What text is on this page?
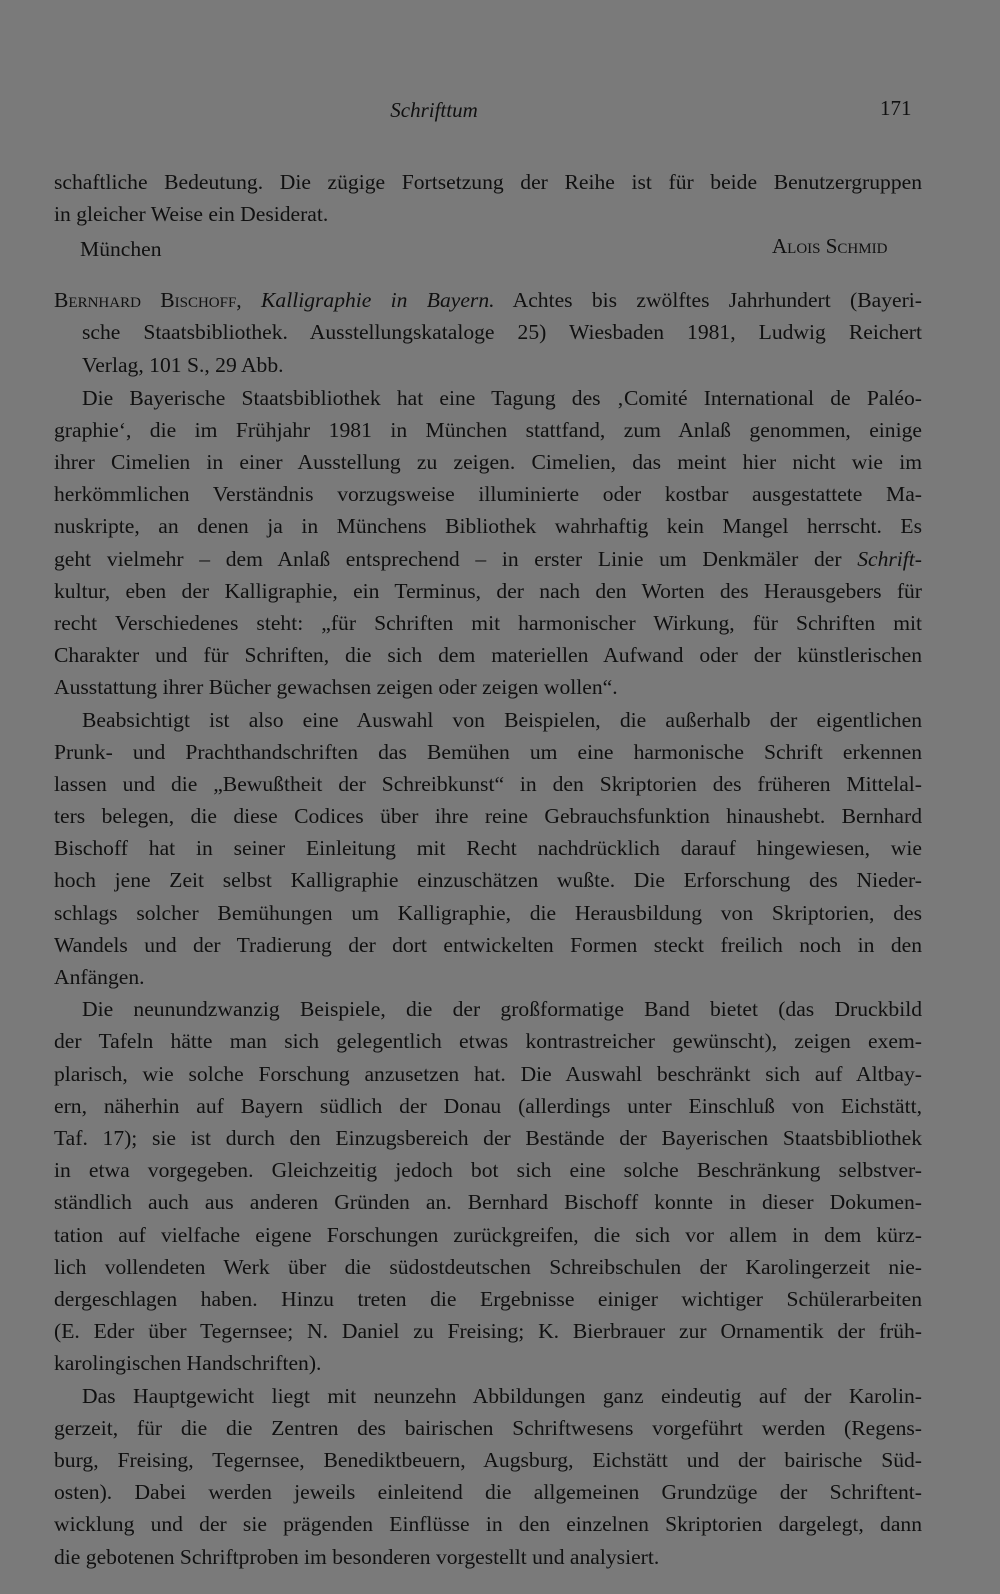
Schrifttum	171
schaftliche Bedeutung. Die zügige Fortsetzung der Reihe ist für beide Benutzergruppen
in gleicher Weise ein Desiderat.
München	Alois Schmid
Bernhard Bischoff, Kalligraphie in Bayern. Achtes bis zwölftes Jahrhundert (Bayeri-
sche Staatsbibliothek. Ausstellungskataloge 25) Wiesbaden 1981, Ludwig Reichert
Verlag, 101 S., 29 Abb.
Die Bayerische Staatsbibliothek hat eine Tagung des ‚Comité International de Paléo-
graphie‘, die im Frühjahr 1981 in München stattfand, zum Anlaß genommen, einige
ihrer Cimelien in einer Ausstellung zu zeigen. Cimelien, das meint hier nicht wie im
herkömmlichen Verständnis vorzugsweise illuminierte oder kostbar ausgestattete Ma-
nuskripte, an denen ja in Münchens Bibliothek wahrhaftig kein Mangel herrscht. Es
geht vielmehr – dem Anlaß entsprechend – in erster Linie um Denkmäler der Schrift-
kultur, eben der Kalligraphie, ein Terminus, der nach den Worten des Herausgebers für
recht Verschiedenes steht: „für Schriften mit harmonischer Wirkung, für Schriften mit
Charakter und für Schriften, die sich dem materiellen Aufwand oder der künstlerischen
Ausstattung ihrer Bücher gewachsen zeigen oder zeigen wollen“.
Beabsichtigt ist also eine Auswahl von Beispielen, die außerhalb der eigentlichen
Prunk- und Prachthandschriften das Bemühen um eine harmonische Schrift erkennen
lassen und die „Bewußtheit der Schreibkunst“ in den Skriptorien des früheren Mittelal-
ters belegen, die diese Codices über ihre reine Gebrauchsfunktion hinaushebt. Bernhard
Bischoff hat in seiner Einleitung mit Recht nachdrücklich darauf hingewiesen, wie
hoch jene Zeit selbst Kalligraphie einzuschätzen wußte. Die Erforschung des Nieder-
schlags solcher Bemühungen um Kalligraphie, die Herausbildung von Skriptorien, des
Wandels und der Tradierung der dort entwickelten Formen steckt freilich noch in den
Anfängen.
Die neunundzwanzig Beispiele, die der großformatige Band bietet (das Druckbild
der Tafeln hätte man sich gelegentlich etwas kontrastreicher gewünscht), zeigen exem-
plarisch, wie solche Forschung anzusetzen hat. Die Auswahl beschränkt sich auf Altbay-
ern, näherhin auf Bayern südlich der Donau (allerdings unter Einschluß von Eichstätt,
Taf. 17); sie ist durch den Einzugsbereich der Bestände der Bayerischen Staatsbibliothek
in etwa vorgegeben. Gleichzeitig jedoch bot sich eine solche Beschränkung selbstver-
ständlich auch aus anderen Gründen an. Bernhard Bischoff konnte in dieser Dokumen-
tation auf vielfache eigene Forschungen zurückgreifen, die sich vor allem in dem kürz-
lich vollendeten Werk über die südostdeutschen Schreibschulen der Karolingerzeit nie-
dergeschlagen haben. Hinzu treten die Ergebnisse einiger wichtiger Schülerarbeiten
(E. Eder über Tegernsee; N. Daniel zu Freising; K. Bierbrauer zur Ornamentik der früh-
karolingischen Handschriften).
Das Hauptgewicht liegt mit neunzehn Abbildungen ganz eindeutig auf der Karolin-
gerzeit, für die die Zentren des bairischen Schriftwesens vorgeführt werden (Regens-
burg, Freising, Tegernsee, Benediktbeuern, Augsburg, Eichstätt und der bairische Süd-
osten). Dabei werden jeweils einleitend die allgemeinen Grundzüge der Schriftent-
wicklung und der sie prägenden Einflüsse in den einzelnen Skriptorien dargelegt, dann
die gebotenen Schriftproben im besonderen vorgestellt und analysiert.
